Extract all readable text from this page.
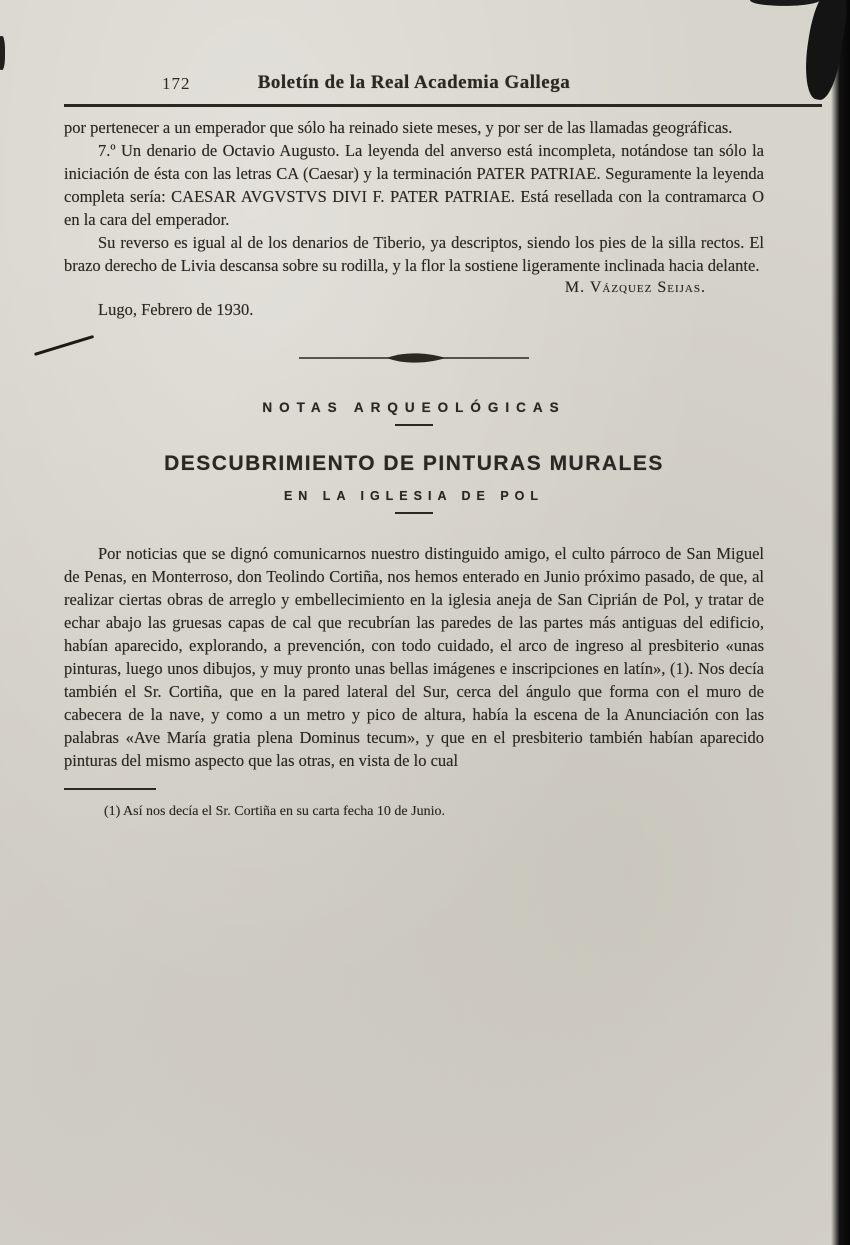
172	Boletín de la Real Academia Gallega

por pertenecer a un emperador que sólo ha reinado siete meses, y por ser de las llamadas geográficas.

7.º Un denario de Octavio Augusto. La leyenda del anverso está incompleta, notándose tan sólo la iniciación de ésta con las letras CA (Caesar) y la terminación PATER PATRIAE. Seguramente la leyenda completa sería: CAESAR AVGVSTVS DIVI F. PATER PATRIAE. Está resellada con la contramarca O en la cara del emperador.

Su reverso es igual al de los denarios de Tiberio, ya descriptos, siendo los pies de la silla rectos. El brazo derecho de Livia descansa sobre su rodilla, y la flor la sostiene ligeramente inclinada hacia delante.

M. Vázquez Seijas.
Lugo, Febrero de 1930.
NOTAS ARQUEOLÓGICAS
DESCUBRIMIENTO DE PINTURAS MURALES
EN LA IGLESIA DE POL

Por noticias que se dignó comunicarnos nuestro distinguido amigo, el culto párroco de San Miguel de Penas, en Monterroso, don Teolindo Cortiña, nos hemos enterado en Junio próximo pasado, de que, al realizar ciertas obras de arreglo y embellecimiento en la iglesia aneja de San Ciprián de Pol, y tratar de echar abajo las gruesas capas de cal que recubrían las paredes de las partes más antiguas del edificio, habían aparecido, explorando, a prevención, con todo cuidado, el arco de ingreso al presbiterio «unas pinturas, luego unos dibujos, y muy pronto unas bellas imágenes e inscripciones en latín», (1). Nos decía también el Sr. Cortiña, que en la pared lateral del Sur, cerca del ángulo que forma con el muro de cabecera de la nave, y como a un metro y pico de altura, había la escena de la Anunciación con las palabras «Ave María gratia plena Dominus tecum», y que en el presbiterio también habían aparecido pinturas del mismo aspecto que las otras, en vista de lo cual

(1) Así nos decía el Sr. Cortiña en su carta fecha 10 de Junio.
